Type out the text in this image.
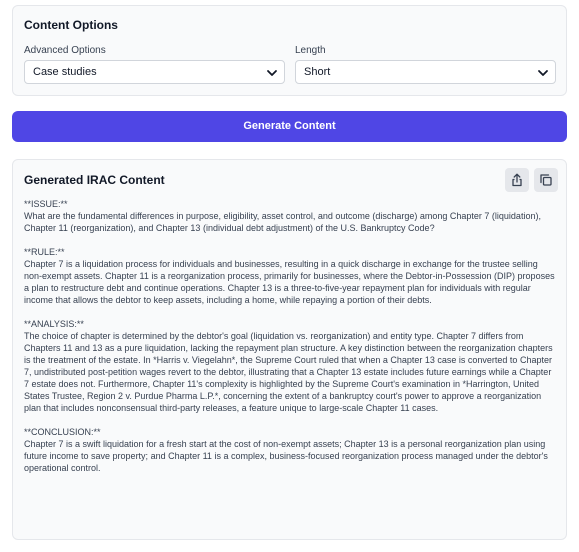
Content Options
Advanced Options
Case studies
Length
Short
Generate Content
Generated IRAC Content
**ISSUE:**
What are the fundamental differences in purpose, eligibility, asset control, and outcome (discharge) among Chapter 7 (liquidation), Chapter 11 (reorganization), and Chapter 13 (individual debt adjustment) of the U.S. Bankruptcy Code?
**RULE:**
Chapter 7 is a liquidation process for individuals and businesses, resulting in a quick discharge in exchange for the trustee selling non-exempt assets. Chapter 11 is a reorganization process, primarily for businesses, where the Debtor-in-Possession (DIP) proposes a plan to restructure debt and continue operations. Chapter 13 is a three-to-five-year repayment plan for individuals with regular income that allows the debtor to keep assets, including a home, while repaying a portion of their debts.
**ANALYSIS:**
The choice of chapter is determined by the debtor's goal (liquidation vs. reorganization) and entity type. Chapter 7 differs from Chapters 11 and 13 as a pure liquidation, lacking the repayment plan structure. A key distinction between the reorganization chapters is the treatment of the estate. In *Harris v. Viegelahn*, the Supreme Court ruled that when a Chapter 13 case is converted to Chapter 7, undistributed post-petition wages revert to the debtor, illustrating that a Chapter 13 estate includes future earnings while a Chapter 7 estate does not. Furthermore, Chapter 11's complexity is highlighted by the Supreme Court's examination in *Harrington, United States Trustee, Region 2 v. Purdue Pharma L.P.*, concerning the extent of a bankruptcy court's power to approve a reorganization plan that includes nonconsensual third-party releases, a feature unique to large-scale Chapter 11 cases.
**CONCLUSION:**
Chapter 7 is a swift liquidation for a fresh start at the cost of non-exempt assets; Chapter 13 is a personal reorganization plan using future income to save property; and Chapter 11 is a complex, business-focused reorganization process managed under the debtor's operational control.
